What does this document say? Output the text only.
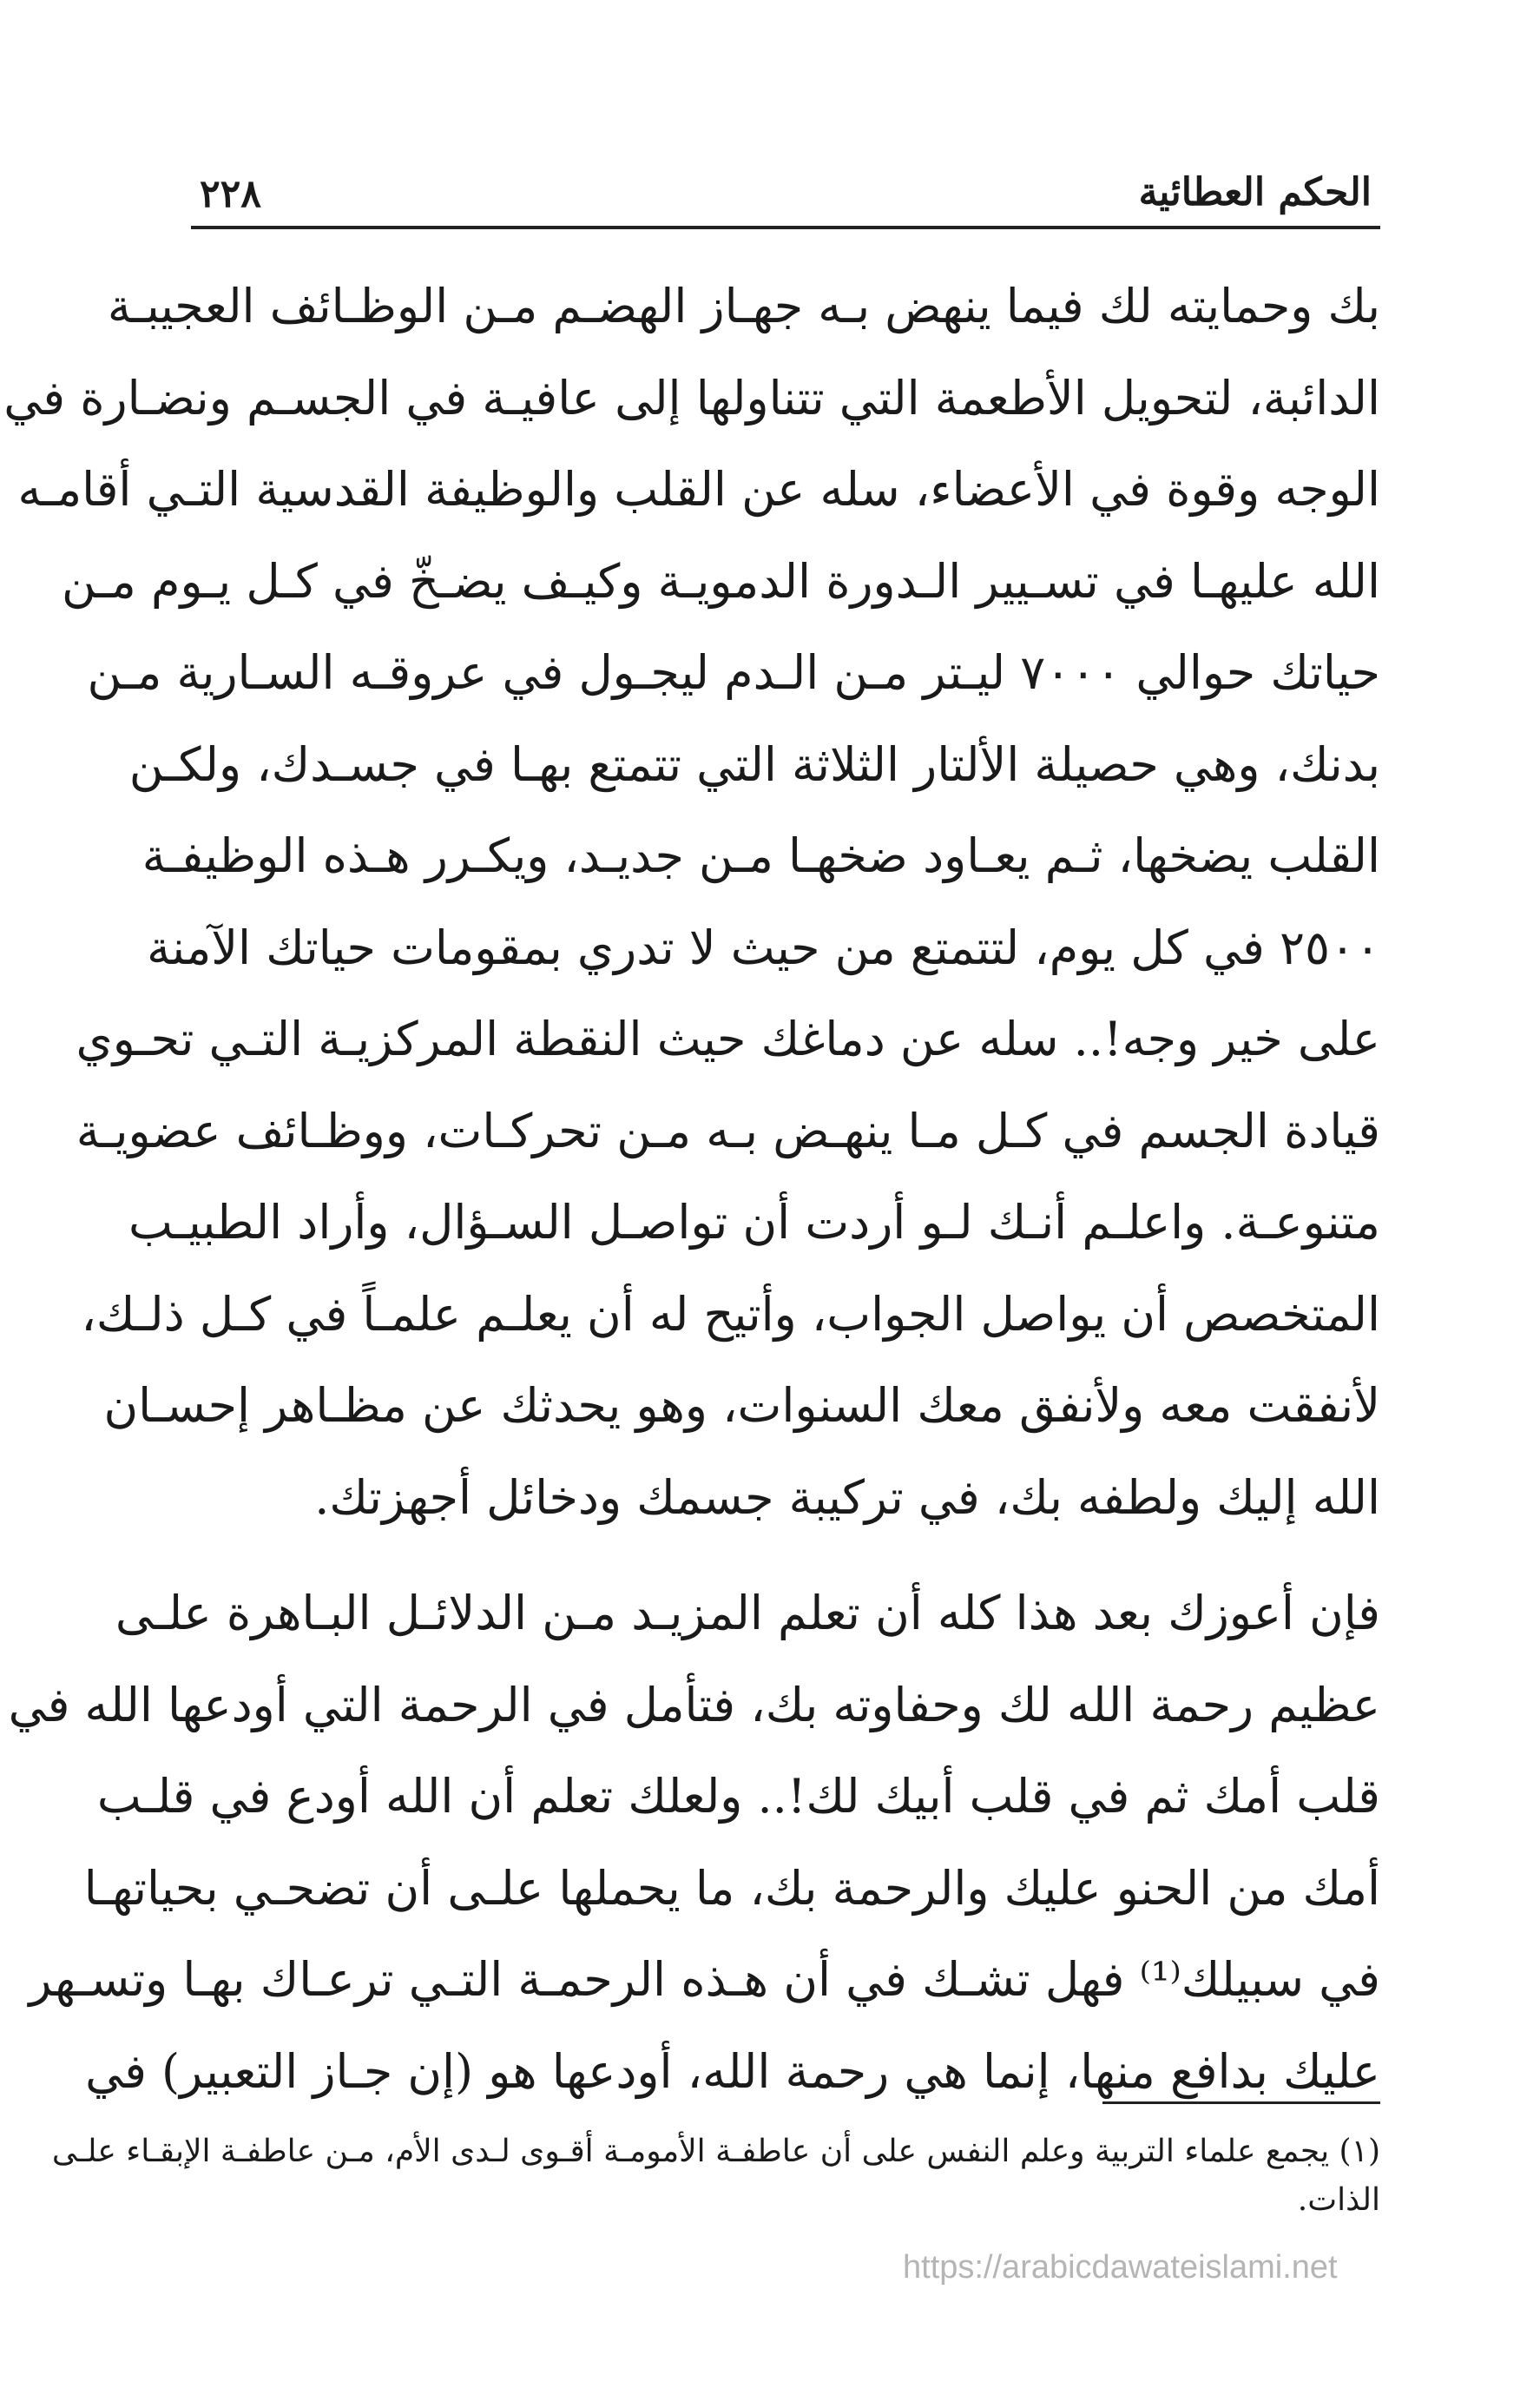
٢٢٨	الحكم العطائية
بك وحمايته لك فيما ينهض بـه جهـاز الهضـم مـن الوظـائف العجيبـة
الدائبة، لتحويل الأطعمة التي تتناولها إلى عافيـة في الجسـم ونضـارة في
الوجه وقوة في الأعضاء، سله عن القلب والوظيفة القدسية التـي أقامـه
الله عليهـا في تسـيير الـدورة الدمويـة وكيـف يضـخّ في كـل يـوم مـن
حياتك حوالي ٧٠٠٠ ليـتر مـن الـدم ليجـول في عروقـه السـارية مـن
بدنك، وهي حصيلة الألتار الثلاثة التي تتمتع بهـا في جسـدك، ولكـن
القلب يضخها، ثـم يعـاود ضخهـا مـن جديـد، ويكـرر هـذه الوظيفـة
٢٥٠٠ في كل يوم، لتتمتع من حيث لا تدري بمقومات حياتك الآمنة
على خير وجه!.. سله عن دماغك حيث النقطة المركزيـة التـي تحـوي
قيادة الجسم في كـل مـا ينهـض بـه مـن تحركـات، ووظـائف عضويـة
متنوعـة. واعلـم أنـك لـو أردت أن تواصـل السـؤال، وأراد الطبيـب
المتخصص أن يواصل الجواب، وأتيح له أن يعلـم علمـاً في كـل ذلـك،
لأنفقت معه ولأنفق معك السنوات، وهو يحدثك عن مظـاهر إحسـان
الله إليك ولطفه بك، في تركيبة جسمك ودخائل أجهزتك.
فإن أعوزك بعد هذا كله أن تعلم المزيـد مـن الدلائـل البـاهرة علـى
عظيم رحمة الله لك وحفاوته بك، فتأمل في الرحمة التي أودعها الله في
قلب أمك ثم في قلب أبيك لك!.. ولعلك تعلم أن الله أودع في قلـب
أمك من الحنو عليك والرحمة بك، ما يحملها علـى أن تضحـي بحياتهـا
في سبيلك⁽¹⁾ فهل تشـك في أن هـذه الرحمـة التـي ترعـاك بهـا وتسـهر
عليك بدافع منها، إنما هي رحمة الله، أودعها هو (إن جـاز التعبير) في
(١) يجمع علماء التربية وعلم النفس على أن عاطفـة الأمومـة أقـوى لـدى الأم، مـن عاطفـة الإبقـاء علـى
الذات.
https://arabicdawateislami.net
